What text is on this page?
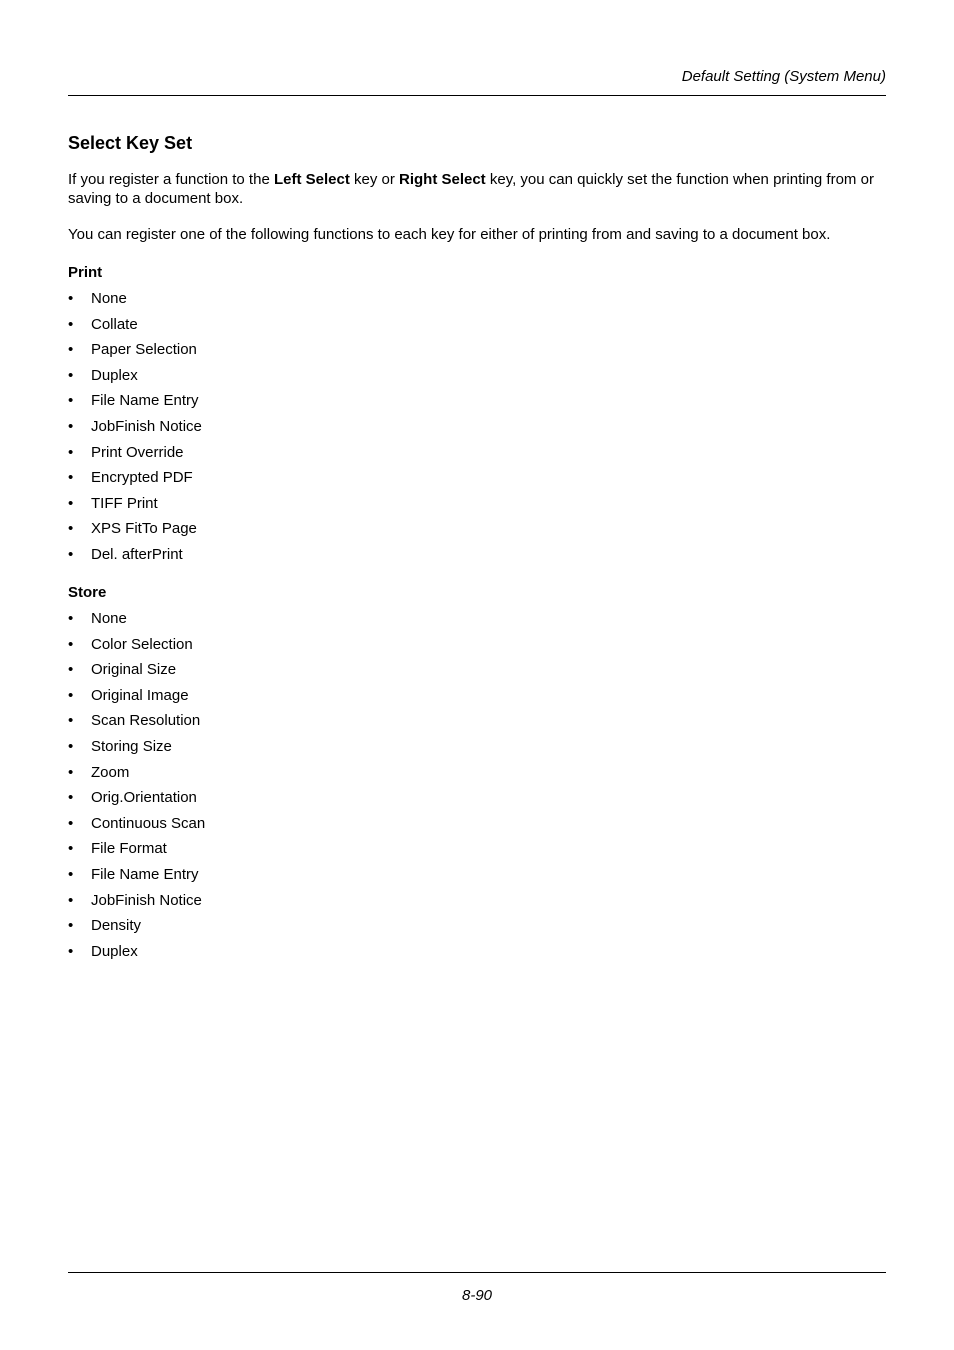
Default Setting (System Menu)
Select Key Set

If you register a function to the Left Select key or Right Select key, you can quickly set the function when printing from or saving to a document box.

You can register one of the following functions to each key for either of printing from and saving to a document box.

Print
• None
• Collate
• Paper Selection
• Duplex
• File Name Entry
• JobFinish Notice
• Print Override
• Encrypted PDF
• TIFF Print
• XPS FitTo Page
• Del. afterPrint
Store
• None
• Color Selection
• Original Size
• Original Image
• Scan Resolution
• Storing Size
• Zoom
• Orig.Orientation
• Continuous Scan
• File Format
• File Name Entry
• JobFinish Notice
• Density
• Duplex
8-90
